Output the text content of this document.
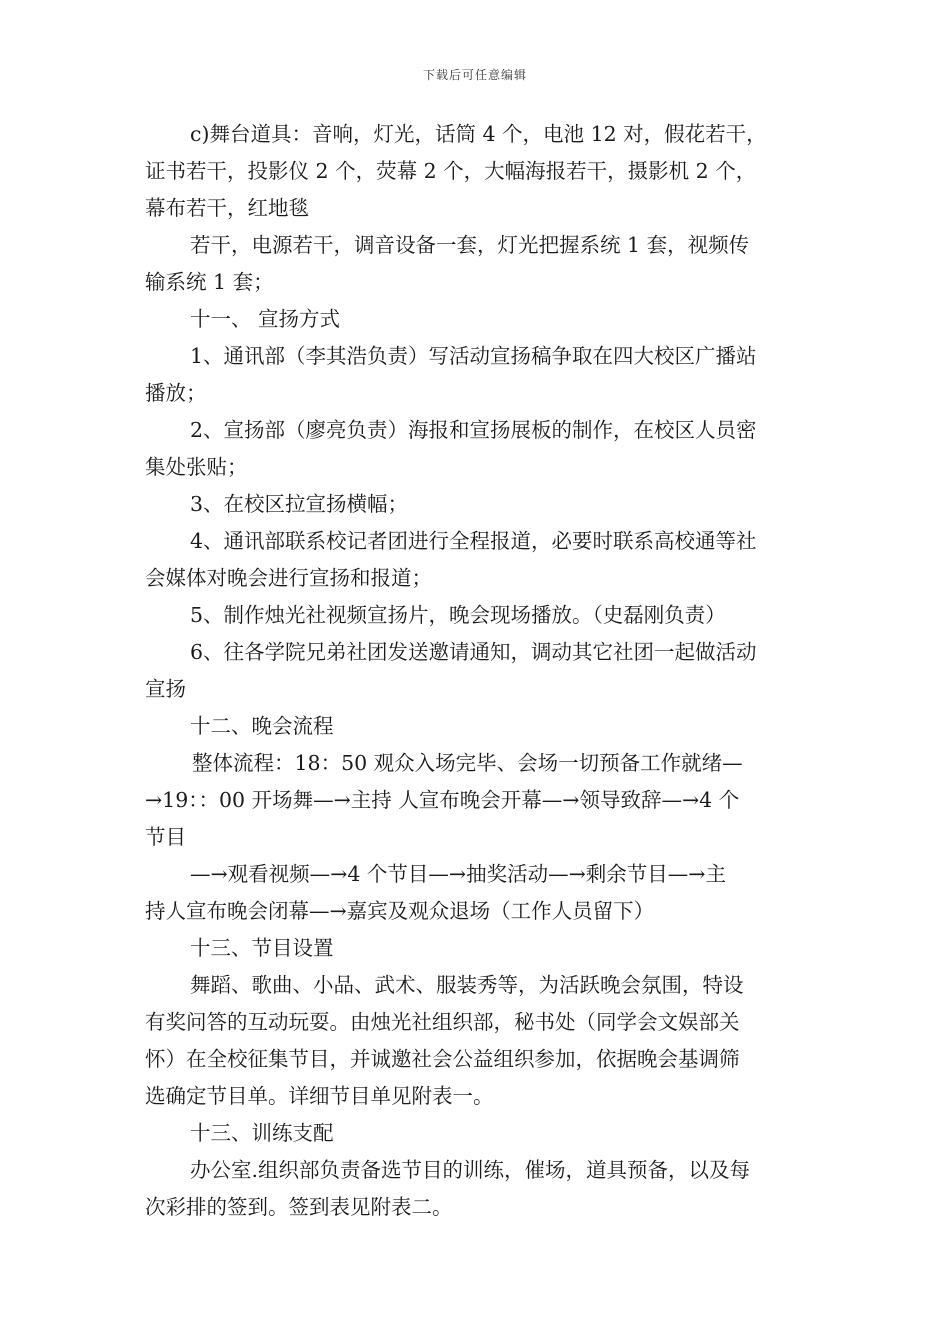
下载后可任意编辑
c)舞台道具：音响，灯光，话筒 4 个，电池 12 对，假花若干，
证书若干，投影仪 2 个，荧幕 2 个，大幅海报若干，摄影机 2 个，
幕布若干，红地毯
若干，电源若干，调音设备一套，灯光把握系统 1 套，视频传
输系统 1 套；
十一、 宣扬方式
1、通讯部（李其浩负责）写活动宣扬稿争取在四大校区广播站
播放；
2、宣扬部（廖亮负责）海报和宣扬展板的制作，在校区人员密
集处张贴；
3、在校区拉宣扬横幅；
4、通讯部联系校记者团进行全程报道，必要时联系高校通等社
会媒体对晚会进行宣扬和报道；
5、制作烛光社视频宣扬片，晚会现场播放。（史磊刚负责）
6、往各学院兄弟社团发送邀请通知，调动其它社团一起做活动
宣扬
十二、晚会流程
整体流程：18：50 观众入场完毕、会场一切预备工作就绪—
→19：：00 开场舞—→主持 人宣布晚会开幕—→领导致辞—→4 个
节目
—→观看视频—→4 个节目—→抽奖活动—→剩余节目—→主
持人宣布晚会闭幕—→嘉宾及观众退场（工作人员留下）
十三、节目设置
舞蹈、歌曲、小品、武术、服装秀等，为活跃晚会氛围，特设
有奖问答的互动玩耍。由烛光社组织部，秘书处（同学会文娱部关
怀）在全校征集节目，并诚邀社会公益组织参加，依据晚会基调筛
选确定节目单。详细节目单见附表一。
十三、训练支配
办公室.组织部负责备选节目的训练，催场，道具预备，以及每
次彩排的签到。签到表见附表二。
